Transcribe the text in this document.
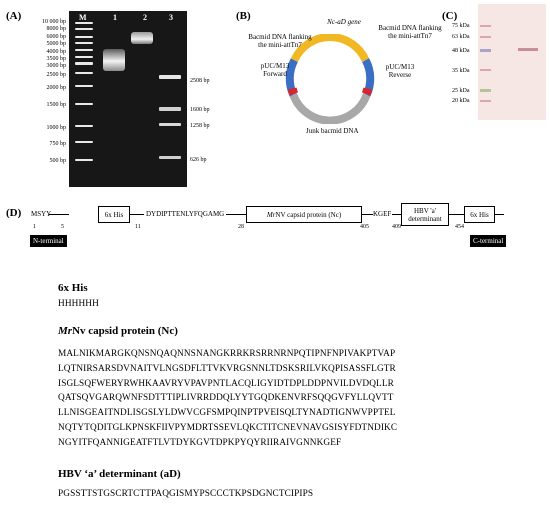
(A)	M	1	2	3
10 000 bp
8000 bp
6000 bp
5000 bp
4000 bp
3500 bp
3000 bp
2500 bp
2000 bp
1500 bp
1000 bp
750 bp
500 bp
2508 bp
1600 bp
1258 bp
626 bp
(B)	Nc-aD gene
Bacmid DNA flanking the mini-attTn7
Bacmid DNA flanking the mini-attTn7
pUC/M13 Forward
pUC/M13 Reverse
Junk bacmid DNA
(C)
75 kDa
63 kDa
48 kDa
35 kDa
25 kDa
20 kDa
(D) MSYY	6x His	DYDIPTTENLYFQGAMG	Mr NV capsid protein (Nc)	KGEF	HBV 'a' determinant	6x His
1	5	11	28	405	409	454
N-terminal	C-terminal
6x His
HHHHHH
MrNv capsid protein (Nc)
MALNIKMARGKQNSNQAQNNSNANGKRRKRSRRNRNPQTIPNFNPIVAKPTVAP
LQTNIRSARSDVNAITVLNGSDFLTTVKVRGSNNLTDSKSRILVKQPISASSFLGTR
ISGLSQFWERYRWHKAAVRYVPAVPNTLACQLIGYIDTDPLDDPNVILDVDQLLR
QATSQVGARQWNFSDTTTIPLIVRRDDQLYYTGQDKENVRFSQQGVFYLLQVTT
LLNISGEAITNDLISGSLYLDWVCGFSMPQINPTPVEISQLTYNADTIGNWVPPTEL
NQTYTQDITGLKPNSKFIIVPYMDRTSSEVLQKCTITCNEVNAVGSISYFDTNDIKC
NGYITFQANNIGEATFTLVTDYKGVTDPKPYQYRIIRAIVGNNKGEF
HBV ‘a’ determinant (aD)
PGSSTTSTGSCRTCTTPAQGISMYPSCCCTKPSDGNCTCIPIPS
